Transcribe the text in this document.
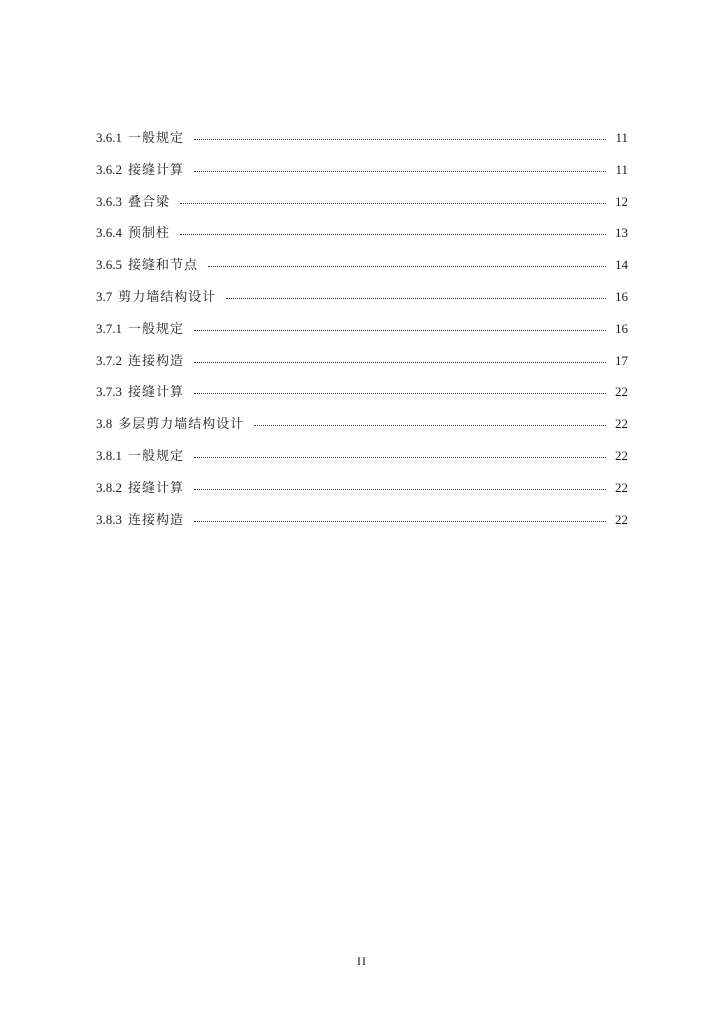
3.6.1 一般规定	11
3.6.2 接缝计算	11
3.6.3 叠合梁	12
3.6.4 预制柱	13
3.6.5 接缝和节点	14
3.7 剪力墙结构设计	16
3.7.1 一般规定	16
3.7.2 连接构造	17
3.7.3 接缝计算	22
3.8 多层剪力墙结构设计	22
3.8.1 一般规定	22
3.8.2 接缝计算	22
3.8.3 连接构造	22
II
